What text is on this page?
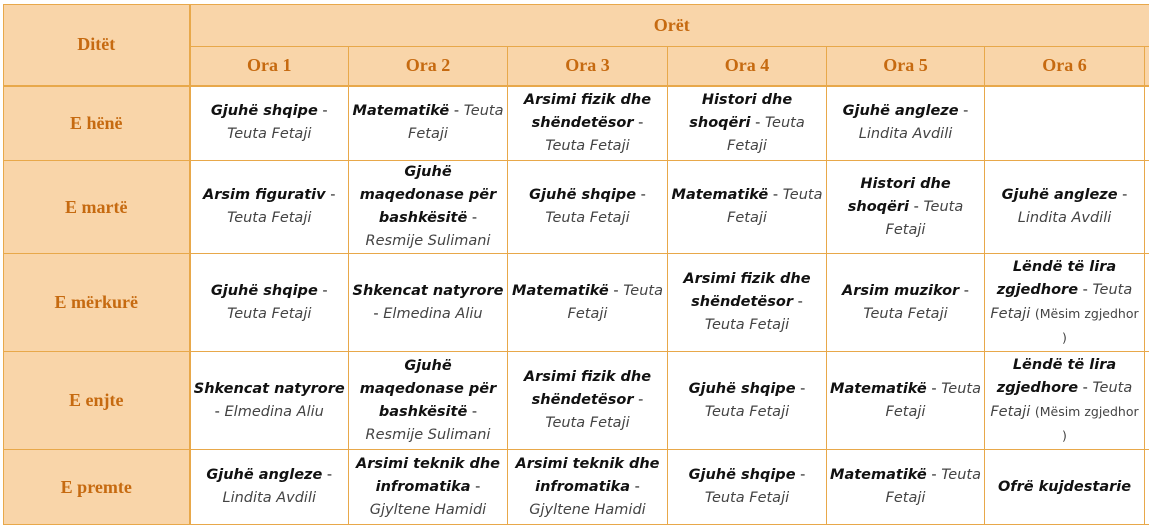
Ditët	Orët						
	Ora 1	Ora 2	Ora 3	Ora 4	Ora 5	Ora 6	
E hënë	Gjuhë shqipe - Teuta Fetaji	Matematikë - Teuta Fetaji	Arsimi fizik dhe shëndetësor - Teuta Fetaji	Histori dhe shoqëri - Teuta Fetaji	Gjuhë angleze - Lindita Avdili		
E martë	Arsim figurativ - Teuta Fetaji	Gjuhë maqedonase për bashkësitë - Resmije Sulimani	Gjuhë shqipe - Teuta Fetaji	Matematikë - Teuta Fetaji	Histori dhe shoqëri - Teuta Fetaji	Gjuhë angleze - Lindita Avdili	
E mërkurë	Gjuhë shqipe - Teuta Fetaji	Shkencat natyrore - Elmedina Aliu	Matematikë - Teuta Fetaji	Arsimi fizik dhe shëndetësor - Teuta Fetaji	Arsim muzikor - Teuta Fetaji	Lëndë të lira zgjedhore - Teuta Fetaji (Mësim zgjedhor )	
E enjte	Shkencat natyrore - Elmedina Aliu	Gjuhë maqedonase për bashkësitë - Resmije Sulimani	Arsimi fizik dhe shëndetësor - Teuta Fetaji	Gjuhë shqipe - Teuta Fetaji	Matematikë - Teuta Fetaji	Lëndë të lira zgjedhore - Teuta Fetaji (Mësim zgjedhor )	
E premte	Gjuhë angleze - Lindita Avdili	Arsimi teknik dhe infromatika - Gjyltene Hamidi	Arsimi teknik dhe infromatika - Gjyltene Hamidi	Gjuhë shqipe - Teuta Fetaji	Matematikë - Teuta Fetaji	Ofrë kujdestarie	
